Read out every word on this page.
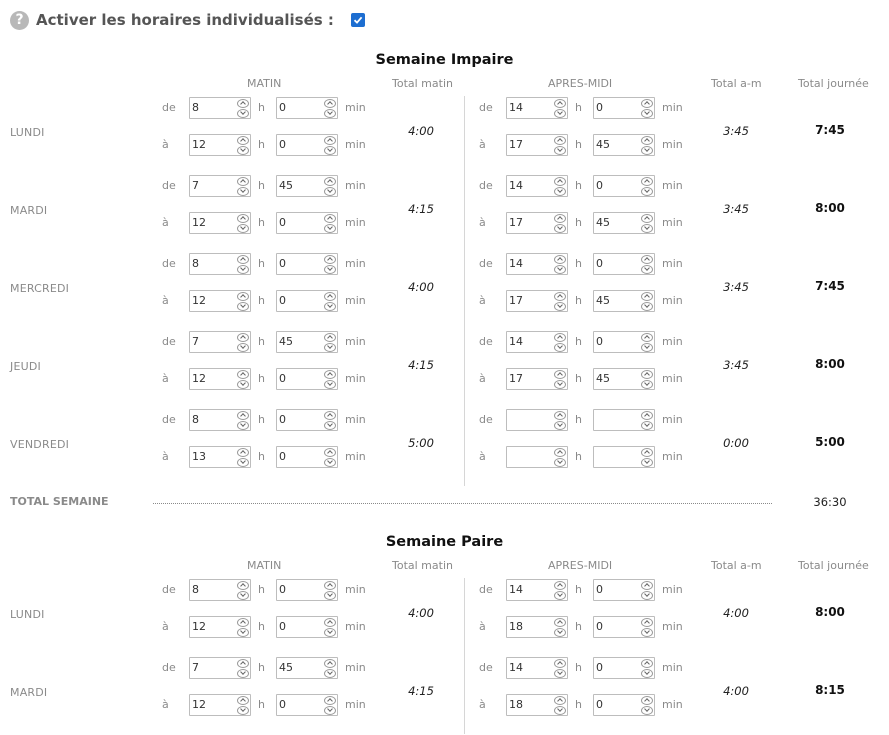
? Activer les horaires individualisés :
Semaine Impaire
MATIN	Total matin	APRES-MIDI	Total a-m	Total journée
LUNDI
de 8	h 0	min	de 14	h 0	min
à 12	h 0	min	à 17	h 45	min
4:00	3:45	7:45
MARDI
de 7	h 45	min	de 14	h 0	min
à 12	h 0	min	à 17	h 45	min
4:15	3:45	8:00
MERCREDI
de 8	h 0	min	de 14	h 0	min
à 12	h 0	min	à 17	h 45	min
4:00	3:45	7:45
JEUDI
de 7	h 45	min	de 14	h 0	min
à 12	h 0	min	à 17	h 45	min
4:15	3:45	8:00
VENDREDI
de 8	h 0	min	de	h	min
à 13	h 0	min	à	h	min
5:00	0:00	5:00
TOTAL SEMAINE	36:30
Semaine Paire
MATIN	Total matin	APRES-MIDI	Total a-m	Total journée
LUNDI
de 8	h 0	min	de 14	h 0	min
à 12	h 0	min	à 18	h 0	min
4:00	4:00	8:00
MARDI
de 7	h 45	min	de 14	h 0	min
à 12	h 0	min	à 18	h 0	min
4:15	4:00	8:15
